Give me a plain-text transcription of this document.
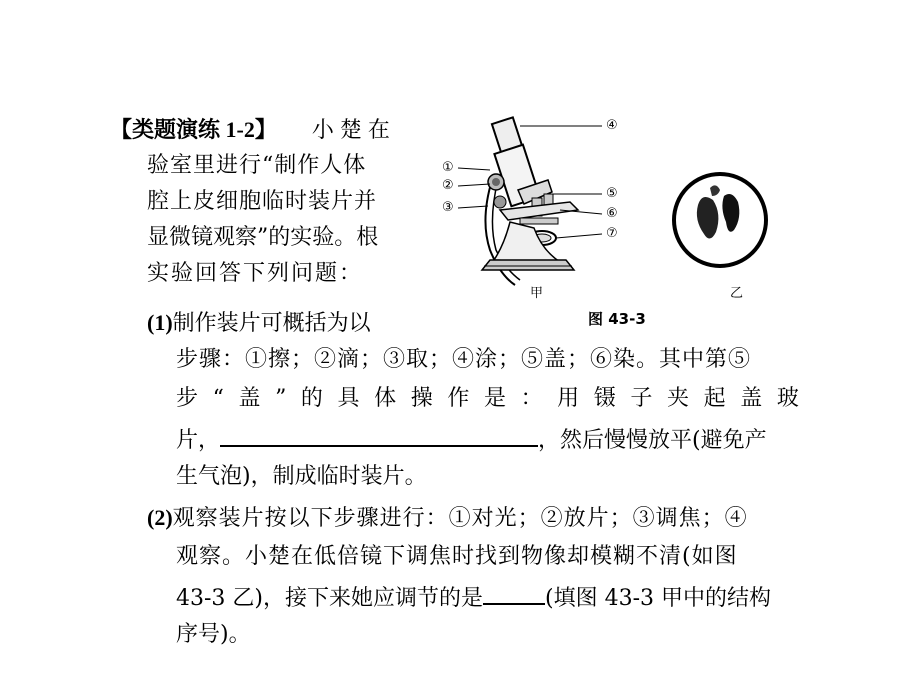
【类题演练 1-2】 小楚在
验室里进行“制作人体
腔上皮细胞临时装片并
显微镜观察”的实验。根
实验回答下列问题：
(1)制作装片可概括为以
步骤：①擦；②滴；③取；④涂；⑤盖；⑥染。其中第⑤
步 “ 盖 ” 的 具 体 操 作 是 ： 用 镊 子 夹 起 盖 玻
片，	，然后慢慢放平(避免产
生气泡)，制成临时装片。
(2)观察装片按以下步骤进行：①对光；②放片；③调焦；④
观察。小楚在低倍镜下调焦时找到物像却模糊不清(如图
43-3 乙)，接下来她应调节的是	(填图 43-3 甲中的结构
序号)。
④
①
②
③
⑤
⑥
⑦
甲	乙
图 43-3
